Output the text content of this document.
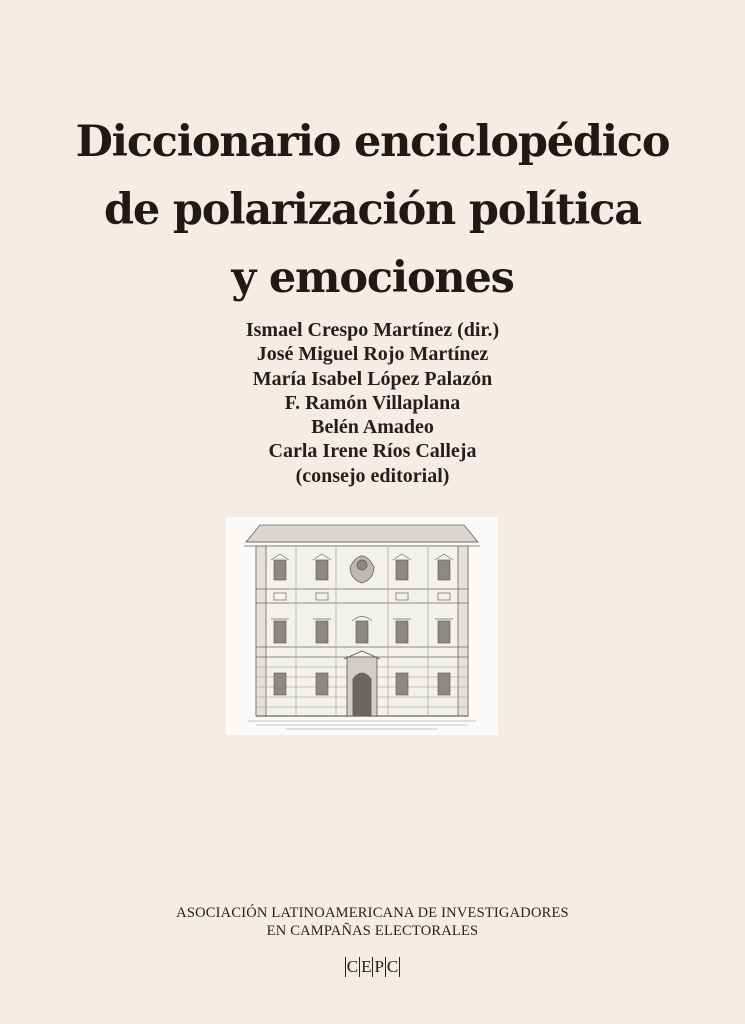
Diccionario enciclopédico
de polarización política
y emociones
Ismael Crespo Martínez (dir.)
José Miguel Rojo Martínez
María Isabel López Palazón
F. Ramón Villaplana
Belén Amadeo
Carla Irene Ríos Calleja
(consejo editorial)
ASOCIACIÓN LATINOAMERICANA DE INVESTIGADORES
EN CAMPAÑAS ELECTORALES
C E P C
